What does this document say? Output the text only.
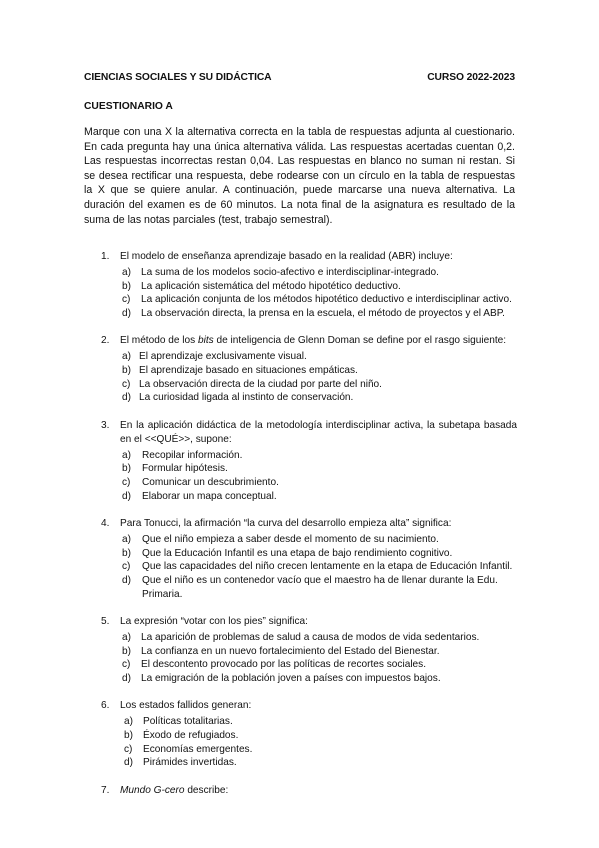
CIENCIAS SOCIALES Y SU DIDÁCTICA	CURSO 2022-2023
CUESTIONARIO A
Marque con una X la alternativa correcta en la tabla de respuestas adjunta al cuestionario. En cada pregunta hay una única alternativa válida. Las respuestas acertadas cuentan 0,2. Las respuestas incorrectas restan 0,04. Las respuestas en blanco no suman ni restan. Si se desea rectificar una respuesta, debe rodearse con un círculo en la tabla de respuestas la X que se quiere anular. A continuación, puede marcarse una nueva alternativa. La duración del examen es de 60 minutos. La nota final de la asignatura es resultado de la suma de las notas parciales (test, trabajo semestral).
1.	El modelo de enseñanza aprendizaje basado en la realidad (ABR) incluye:
a) La suma de los modelos socio-afectivo e interdisciplinar-integrado.
b) La aplicación sistemática del método hipotético deductivo.
c)	La aplicación conjunta de los métodos hipotético deductivo e interdisciplinar activo.
d) La observación directa, la prensa en la escuela, el método de proyectos y el ABP.
2.	El método de los bits de inteligencia de Glenn Doman se define por el rasgo siguiente:
a) El aprendizaje exclusivamente visual.
b) El aprendizaje basado en situaciones empáticas.
c) La observación directa de la ciudad por parte del niño.
d) La curiosidad ligada al instinto de conservación.
3.	En la aplicación didáctica de la metodología interdisciplinar activa, la subetapa basada en el <<QUÉ>>, supone:
a)	Recopilar información.
b)	Formular hipótesis.
c)	Comunicar un descubrimiento.
d)	Elaborar un mapa conceptual.
4.	Para Tonucci, la afirmación “la curva del desarrollo empieza alta” significa:
a)	Que el niño empieza a saber desde el momento de su nacimiento.
b)	Que la Educación Infantil es una etapa de bajo rendimiento cognitivo.
c)	Que las capacidades del niño crecen lentamente en la etapa de Educación Infantil.
d)	Que el niño es un contenedor vacío que el maestro ha de llenar durante la Edu. Primaria.
5.	La expresión “votar con los pies” significa:
a) La aparición de problemas de salud a causa de modos de vida sedentarios.
b) La confianza en un nuevo fortalecimiento del Estado del Bienestar.
c)	El descontento provocado por las políticas de recortes sociales.
d) La emigración de la población joven a países con impuestos bajos.
6.	Los estados fallidos generan:
a) Políticas totalitarias.
b) Éxodo de refugiados.
c)	Economías emergentes.
d) Pirámides invertidas.
7.	Mundo G-cero describe:
